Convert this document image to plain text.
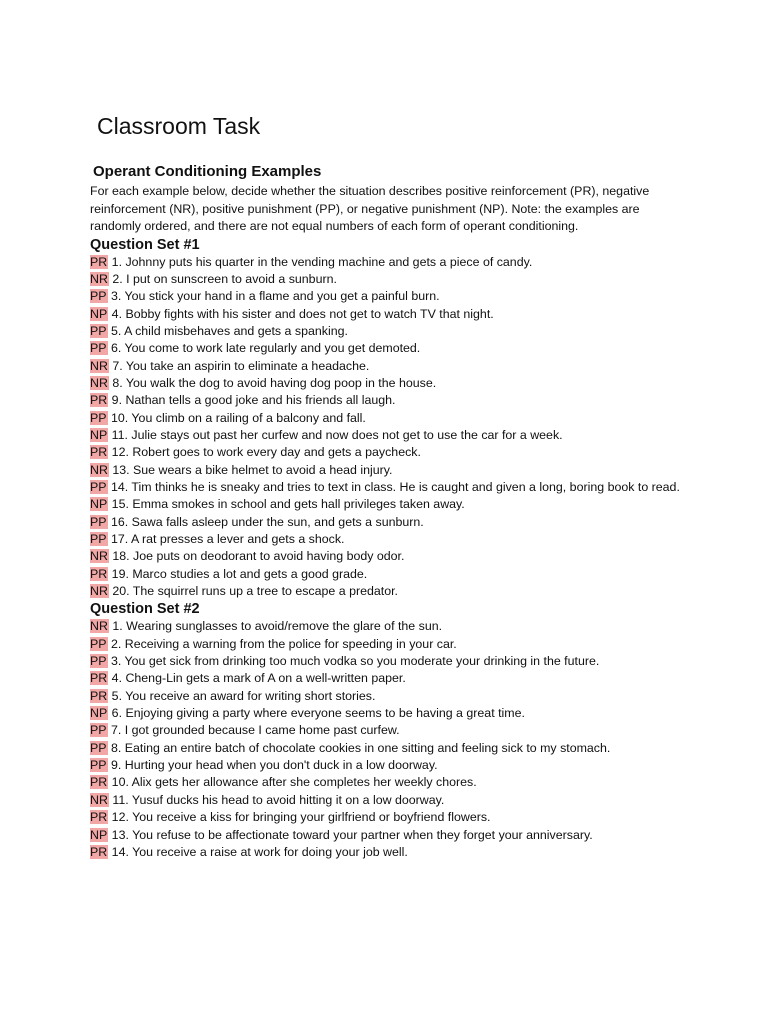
Classroom Task
Operant Conditioning Examples

For each example below, decide whether the situation describes positive reinforcement (PR), negative reinforcement (NR), positive punishment (PP), or negative punishment (NP). Note: the examples are randomly ordered, and there are not equal numbers of each form of operant conditioning.

Question Set #1
PR 1. Johnny puts his quarter in the vending machine and gets a piece of candy.
NR 2. I put on sunscreen to avoid a sunburn.
PP 3. You stick your hand in a flame and you get a painful burn.
NP 4. Bobby fights with his sister and does not get to watch TV that night.
PP 5. A child misbehaves and gets a spanking.
PP 6. You come to work late regularly and you get demoted.
NR 7. You take an aspirin to eliminate a headache.
NR 8. You walk the dog to avoid having dog poop in the house.
PR 9. Nathan tells a good joke and his friends all laugh.
PP 10. You climb on a railing of a balcony and fall.
NP 11. Julie stays out past her curfew and now does not get to use the car for a week.
PR 12. Robert goes to work every day and gets a paycheck.
NR 13. Sue wears a bike helmet to avoid a head injury.
PP 14. Tim thinks he is sneaky and tries to text in class. He is caught and given a long, boring book to read.
NP 15. Emma smokes in school and gets hall privileges taken away.
PP 16. Sawa falls asleep under the sun, and gets a sunburn.
PP 17. A rat presses a lever and gets a shock.
NR 18. Joe puts on deodorant to avoid having body odor.
PR 19. Marco studies a lot and gets a good grade.
NR 20. The squirrel runs up a tree to escape a predator.
Question Set #2
NR 1. Wearing sunglasses to avoid/remove the glare of the sun.
PP 2. Receiving a warning from the police for speeding in your car.
PP 3. You get sick from drinking too much vodka so you moderate your drinking in the future.
PR 4. Cheng-Lin gets a mark of A on a well-written paper.
PR 5. You receive an award for writing short stories.
NP 6. Enjoying giving a party where everyone seems to be having a great time.
PP 7. I got grounded because I came home past curfew.
PP 8. Eating an entire batch of chocolate cookies in one sitting and feeling sick to my stomach.
PP 9. Hurting your head when you don't duck in a low doorway.
PR 10. Alix gets her allowance after she completes her weekly chores.
NR 11. Yusuf ducks his head to avoid hitting it on a low doorway.
PR 12. You receive a kiss for bringing your girlfriend or boyfriend flowers.
NP 13. You refuse to be affectionate toward your partner when they forget your anniversary.
PR 14. You receive a raise at work for doing your job well.
